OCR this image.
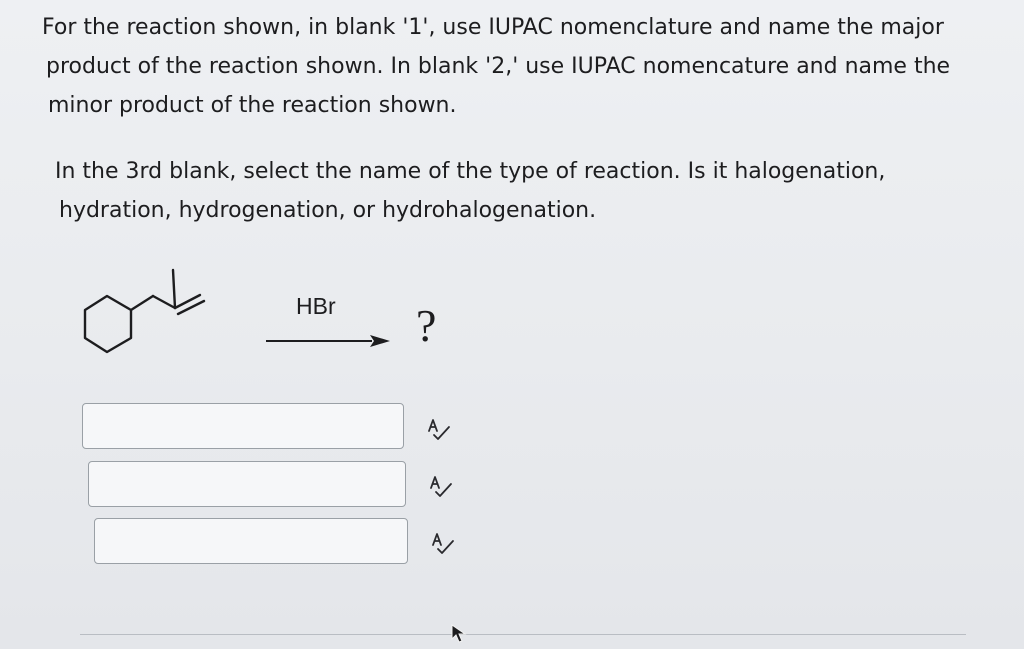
For the reaction shown, in blank '1', use IUPAC nomenclature and name the major
product of the reaction shown. In blank '2,' use IUPAC nomencature and name the
minor product of the reaction shown.
In the 3rd blank, select the name of the type of reaction. Is it halogenation,
hydration, hydrogenation, or hydrohalogenation.
HBr ?
